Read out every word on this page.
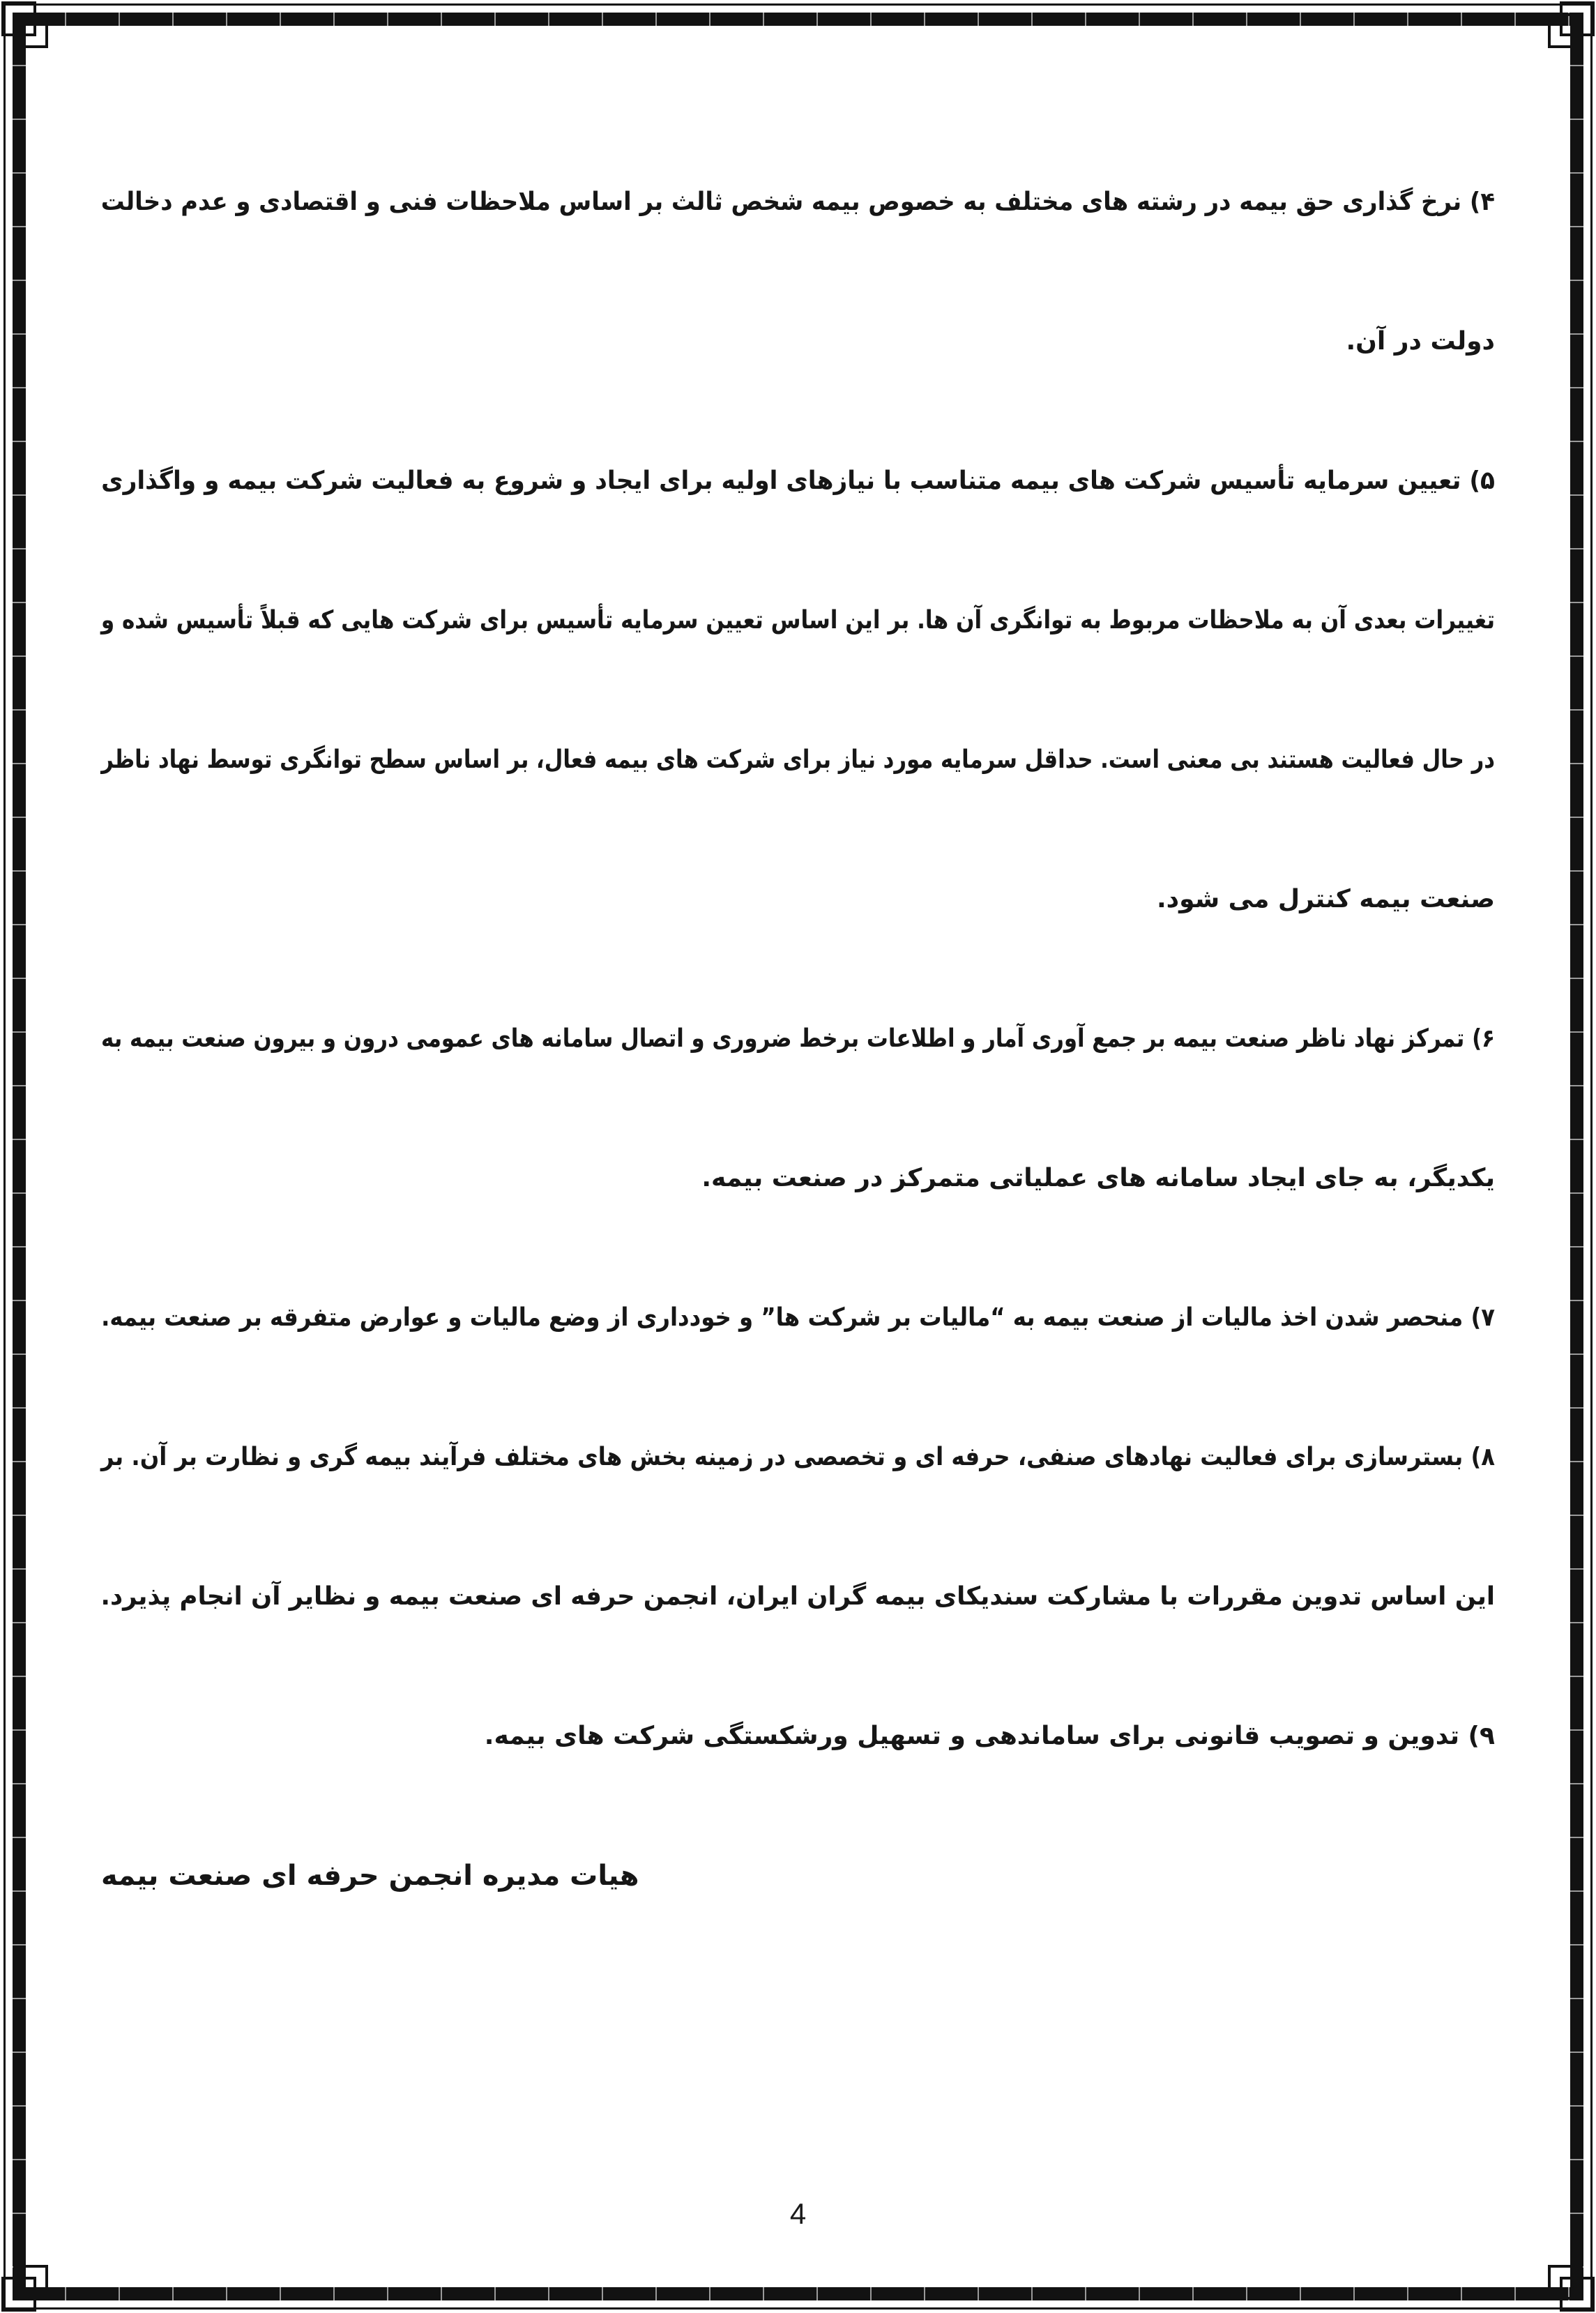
۴) نرخ گذاری حق بیمه در رشته های مختلف به خصوص بیمه شخص ثالث بر اساس ملاحظات فنی و اقتصادی و عدم دخالت
دولت در آن.
۵) تعیین سرمایه تأسیس شرکت های بیمه متناسب با نیازهای اولیه برای ایجاد و شروع به فعالیت شرکت بیمه و واگذاری
تغییرات بعدی آن به ملاحظات مربوط به توانگری آن ها. بر این اساس تعیین سرمایه تأسیس برای شرکت هایی که قبلاً تأسیس شده و
در حال فعالیت هستند بی معنی است. حداقل سرمایه مورد نیاز برای شرکت های بیمه فعال، بر اساس سطح توانگری توسط نهاد ناظر
صنعت بیمه کنترل می شود.
۶) تمرکز نهاد ناظر صنعت بیمه بر جمع آوری آمار و اطلاعات برخط ضروری و اتصال سامانه های عمومی درون و بیرون صنعت بیمه به
یکدیگر، به جای ایجاد سامانه های عملیاتی متمرکز در صنعت بیمه.
۷) منحصر شدن اخذ مالیات از صنعت بیمه به “مالیات بر شرکت ها” و خودداری از وضع مالیات و عوارض متفرقه بر صنعت بیمه.
۸) بسترسازی برای فعالیت نهادهای صنفی، حرفه ای و تخصصی در زمینه بخش های مختلف فرآیند بیمه گری و نظارت بر آن. بر
این اساس تدوین مقررات با مشارکت سندیکای بیمه گران ایران، انجمن حرفه ای صنعت بیمه و نظایر آن انجام پذیرد.
۹) تدوین و تصویب قانونی برای ساماندهی و تسهیل ورشکستگی شرکت های بیمه.
هیات مدیره انجمن حرفه ای صنعت بیمه
4
